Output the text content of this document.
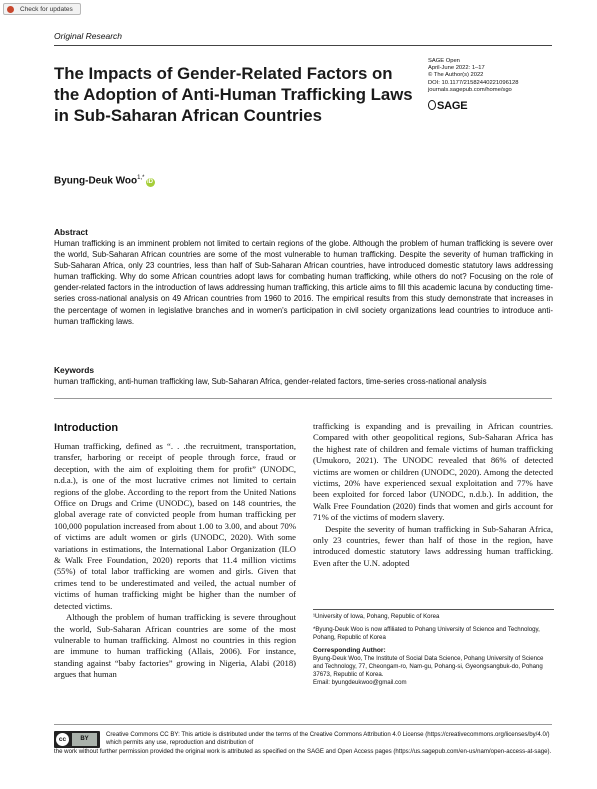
Check for updates
Original Research
The Impacts of Gender-Related Factors on the Adoption of Anti-Human Trafficking Laws in Sub-Saharan African Countries
SAGE Open
April-June 2022: 1–17
© The Author(s) 2022
DOI: 10.1177/21582440221096128
journals.sagepub.com/home/sgo
SAGE
Byung-Deuk Woo$^{1,*}$iD
Abstract
Human trafficking is an imminent problem not limited to certain regions of the globe. Although the problem of human trafficking is severe over the world, Sub-Saharan African countries are some of the most vulnerable to human trafficking. Despite the severity of human trafficking in Sub-Saharan Africa, only 23 countries, less than half of Sub-Saharan African countries, have introduced domestic statutory laws addressing human trafficking. Why do some African countries adopt laws for combating human trafficking, while others do not? Focusing on the role of gender-related factors in the introduction of laws addressing human trafficking, this article aims to fill this academic lacuna by conducting time-series cross-national analysis on 49 African countries from 1960 to 2016. The empirical results from this study demonstrate that increases in the percentage of women in legislative branches and in women's participation in civil society organizations lead countries to introduce anti-human trafficking laws.
Keywords
human trafficking, anti-human trafficking law, Sub-Saharan Africa, gender-related factors, time-series cross-national analysis
Introduction

Human trafficking, defined as “. . .the recruitment, transportation, transfer, harboring or receipt of people through force, fraud or deception, with the aim of exploiting them for profit” (UNODC, n.d.a.), is one of the most lucrative crimes not limited to certain regions of the globe. According to the report from the United Nations Office on Drugs and Crime (UNODC), based on 148 countries, the global average rate of convicted people from human trafficking per 100,000 population increased from about 1.00 to 3.00, and about 70% of victims are adult women or girls (UNODC, 2020). With some variations in estimations, the International Labor Organization (ILO & Walk Free Foundation, 2020) reports that 11.4 million victims (55%) of total labor trafficking are women and girls. Given that crimes tend to be underestimated and veiled, the actual number of victims of human trafficking might be higher than the number of detected victims.

Although the problem of human trafficking is severe throughout the world, Sub-Saharan African countries are some of the most vulnerable to human trafficking. Almost no countries in this region are immune to human trafficking (Allais, 2006). For instance, standing against “baby factories” growing in Nigeria, Alabi (2018) argues that human

trafficking is expanding and is prevailing in African countries. Compared with other geopolitical regions, Sub-Saharan Africa has the highest rate of children and female victims of human trafficking (Umukoro, 2021). The UNODC revealed that 86% of detected victims are women or children (UNODC, 2020). Among the detected victims, 20% have experienced sexual exploitation and 77% have been exploited for forced labor (UNODC, n.d.b.). In addition, the Walk Free Foundation (2020) finds that women and girls account for 71% of the victims of modern slavery.

Despite the severity of human trafficking in Sub-Saharan Africa, only 23 countries, fewer than half of those in the region, have introduced domestic statutory laws addressing human trafficking. Even after the U.N. adopted

¹University of Iowa, Pohang, Republic of Korea

*Byung-Deuk Woo is now affiliated to Pohang University of Science and Technology, Pohang, Republic of Korea

Corresponding Author:
Byung-Deuk Woo, The Institute of Social Data Science, Pohang University of Science and Technology, 77, Cheongam-ro, Nam-gu, Pohang-si, Gyeongsangbuk-do, Pohang 37673, Republic of Korea.
Email: byungdeukwoo@gmail.com
Creative Commons CC BY: This article is distributed under the terms of the Creative Commons Attribution 4.0 License (https://creativecommons.org/licenses/by/4.0/) which permits any use, reproduction and distribution of
the work without further permission provided the original work is attributed as specified on the SAGE and Open Access pages (https://us.sagepub.com/en-us/nam/open-access-at-sage).
cc	BY
